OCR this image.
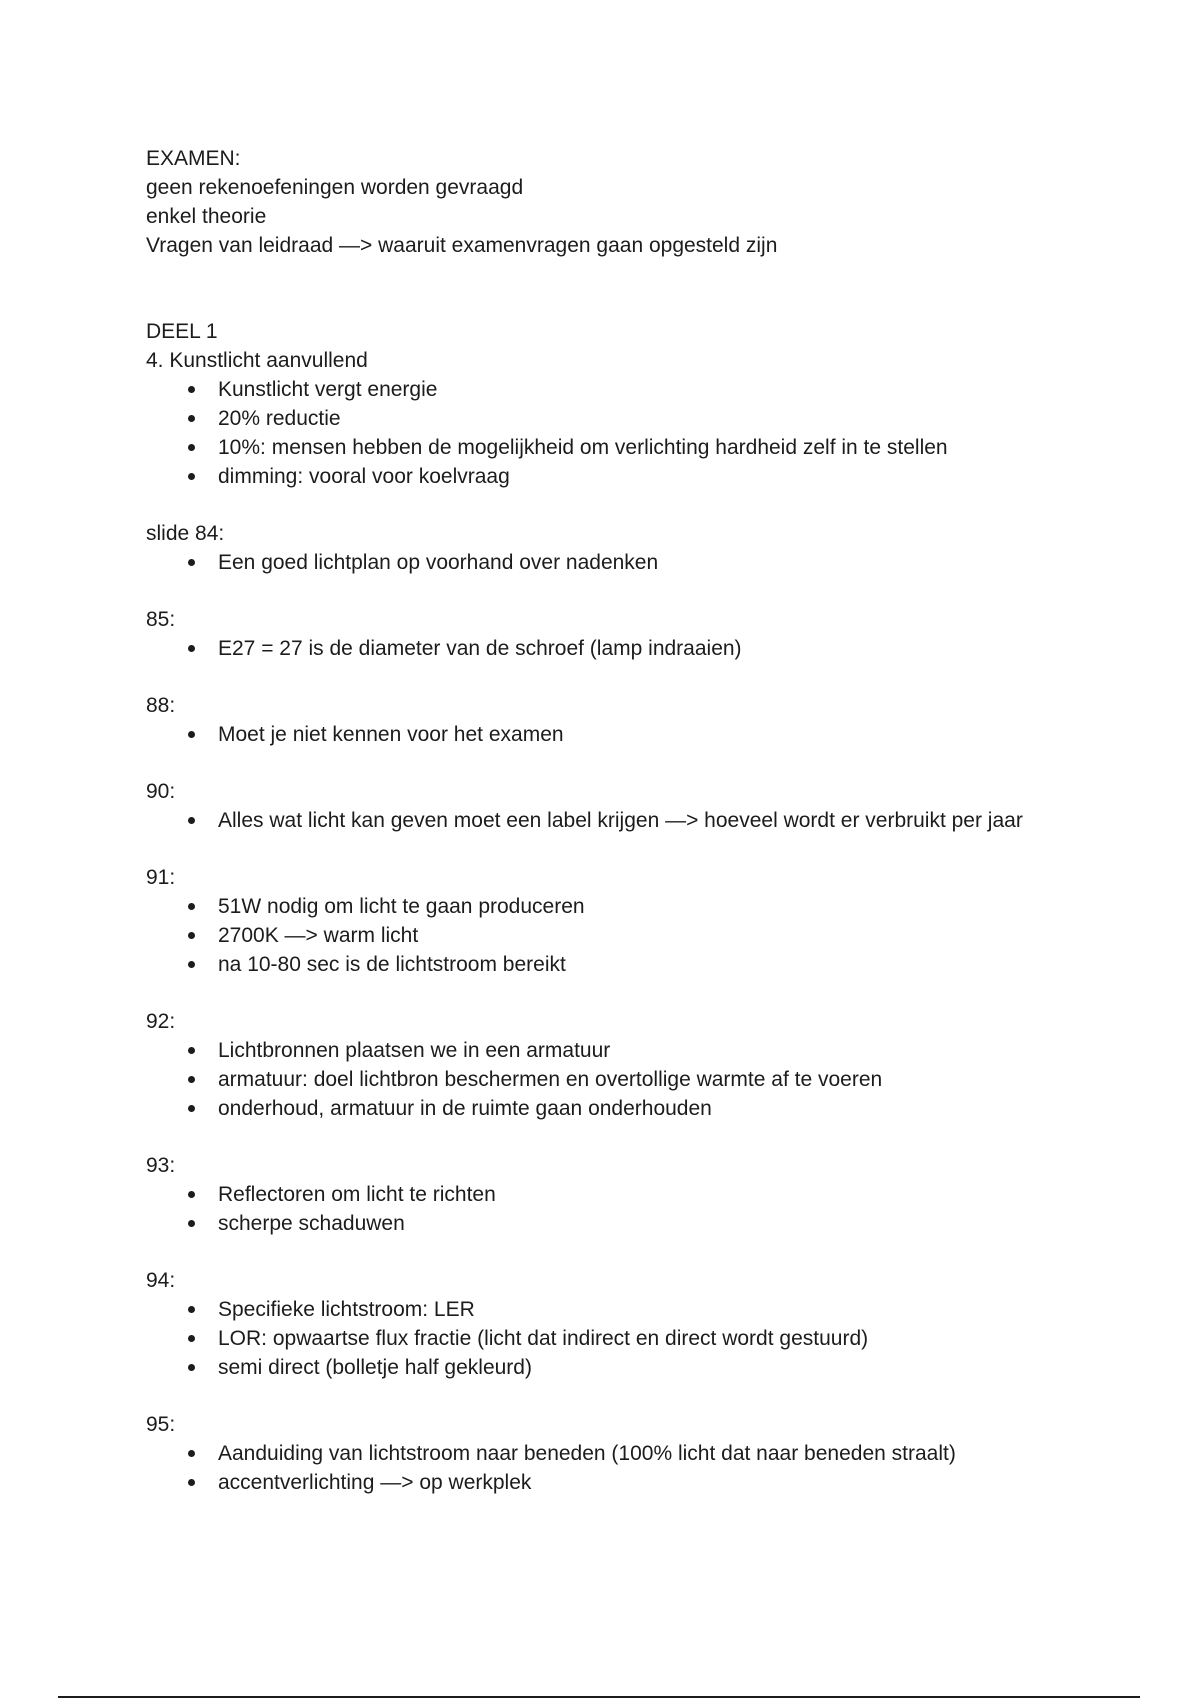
EXAMEN:

geen rekenoefeningen worden gevraagd

enkel theorie

Vragen van leidraad —> waaruit examenvragen gaan opgesteld zijn

DEEL 1

4. Kunstlicht aanvullend

Kunstlicht vergt energie
20% reductie
10%: mensen hebben de mogelijkheid om verlichting hardheid zelf in te stellen
dimming: vooral voor koelvraag

slide 84:

Een goed lichtplan op voorhand over nadenken

85:

E27 = 27 is de diameter van de schroef (lamp indraaien)

88:

Moet je niet kennen voor het examen

90:

Alles wat licht kan geven moet een label krijgen —> hoeveel wordt er verbruikt per jaar

91:

51W nodig om licht te gaan produceren
2700K —> warm licht
na 10-80 sec is de lichtstroom bereikt

92:

Lichtbronnen plaatsen we in een armatuur
armatuur: doel lichtbron beschermen en overtollige warmte af te voeren
onderhoud, armatuur in de ruimte gaan onderhouden

93:

Reflectoren om licht te richten
scherpe schaduwen

94:

Specifieke lichtstroom: LER
LOR: opwaartse flux fractie (licht dat indirect en direct wordt gestuurd)
semi direct (bolletje half gekleurd)

95:

Aanduiding van lichtstroom naar beneden (100% licht dat naar beneden straalt)
accentverlichting —> op werkplek
